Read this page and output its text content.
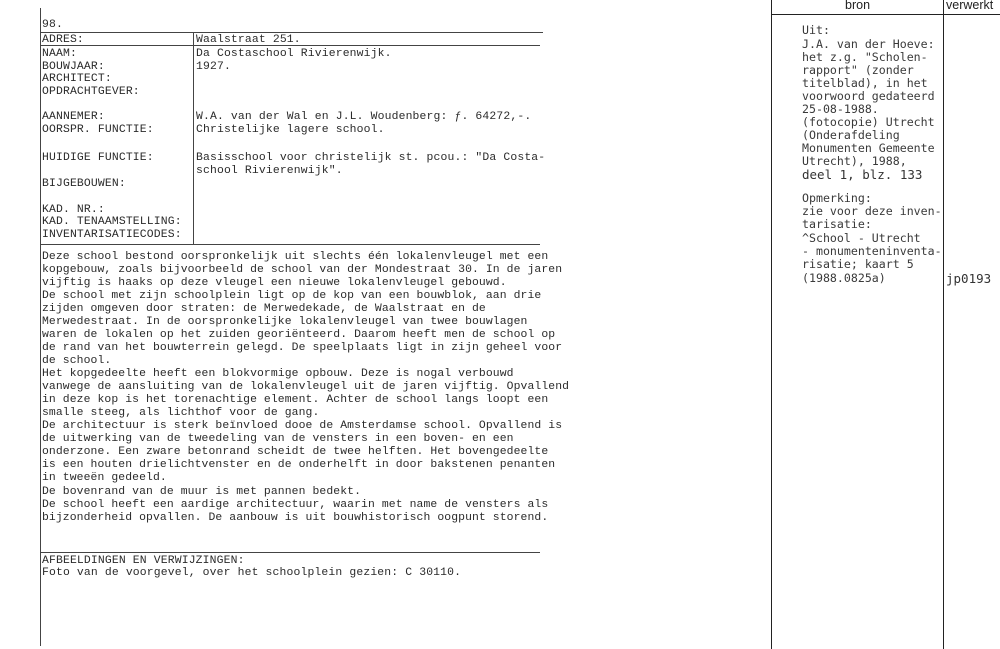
98.
ADRES:
NAAM:
BOUWJAAR:
ARCHITECT:
OPDRACHTGEVER:
AANNEMER:
OORSPR. FUNCTIE:
HUIDIGE FUNCTIE:
BIJGEBOUWEN:
KAD. NR.:
KAD. TENAAMSTELLING:
INVENTARISATIECODES:
Waalstraat 251.
Da Costaschool Rivierenwijk.
1927.
W.A. van der Wal en J.L. Woudenberg: ƒ. 64272,-.
Christelijke lagere school.
Basisschool voor christelijk st. pcou.: "Da Costa-
school Rivierenwijk".
Deze school bestond oorspronkelijk uit slechts één lokalenvleugel met een
kopgebouw, zoals bijvoorbeeld de school van der Mondestraat 30. In de jaren
vijftig is haaks op deze vleugel een nieuwe lokalenvleugel gebouwd.
De school met zijn schoolplein ligt op de kop van een bouwblok, aan drie
zijden omgeven door straten: de Merwedekade, de Waalstraat en de
Merwedestraat. In de oorspronkelijke lokalenvleugel van twee bouwlagen
waren de lokalen op het zuiden georiënteerd. Daarom heeft men de school op
de rand van het bouwterrein gelegd. De speelplaats ligt in zijn geheel voor
de school.
Het kopgedeelte heeft een blokvormige opbouw. Deze is nogal verbouwd
vanwege de aansluiting van de lokalenvleugel uit de jaren vijftig. Opvallend
in deze kop is het torenachtige element. Achter de school langs loopt een
smalle steeg, als lichthof voor de gang.
De architectuur is sterk beïnvloed dooe de Amsterdamse school. Opvallend is
de uitwerking van de tweedeling van de vensters in een boven- en een
onderzone. Een zware betonrand scheidt de twee helften. Het bovengedeelte
is een houten drielichtvenster en de onderhelft in door bakstenen penanten
in tweeën gedeeld.
De bovenrand van de muur is met pannen bedekt.
De school heeft een aardige architectuur, waarin met name de vensters als
bijzonderheid opvallen. De aanbouw is uit bouwhistorisch oogpunt storend.
AFBEELDINGEN EN VERWIJZINGEN:
Foto van de voorgevel, over het schoolplein gezien: C 30110.
bron	verwerkt
Uit:
J.A. van der Hoeve:
het z.g. "Scholen-
rapport" (zonder
titelblad), in het
voorwoord gedateerd
25-08-1988.
(fotocopie) Utrecht
(Onderafdeling
Monumenten Gemeente
Utrecht), 1988,
deel 1, blz. 133
Opmerking:
zie voor deze inven-
tarisatie:
^School - Utrecht
- monumenteninventa-
risatie; kaart 5
(1988.0825a)	jp0193
